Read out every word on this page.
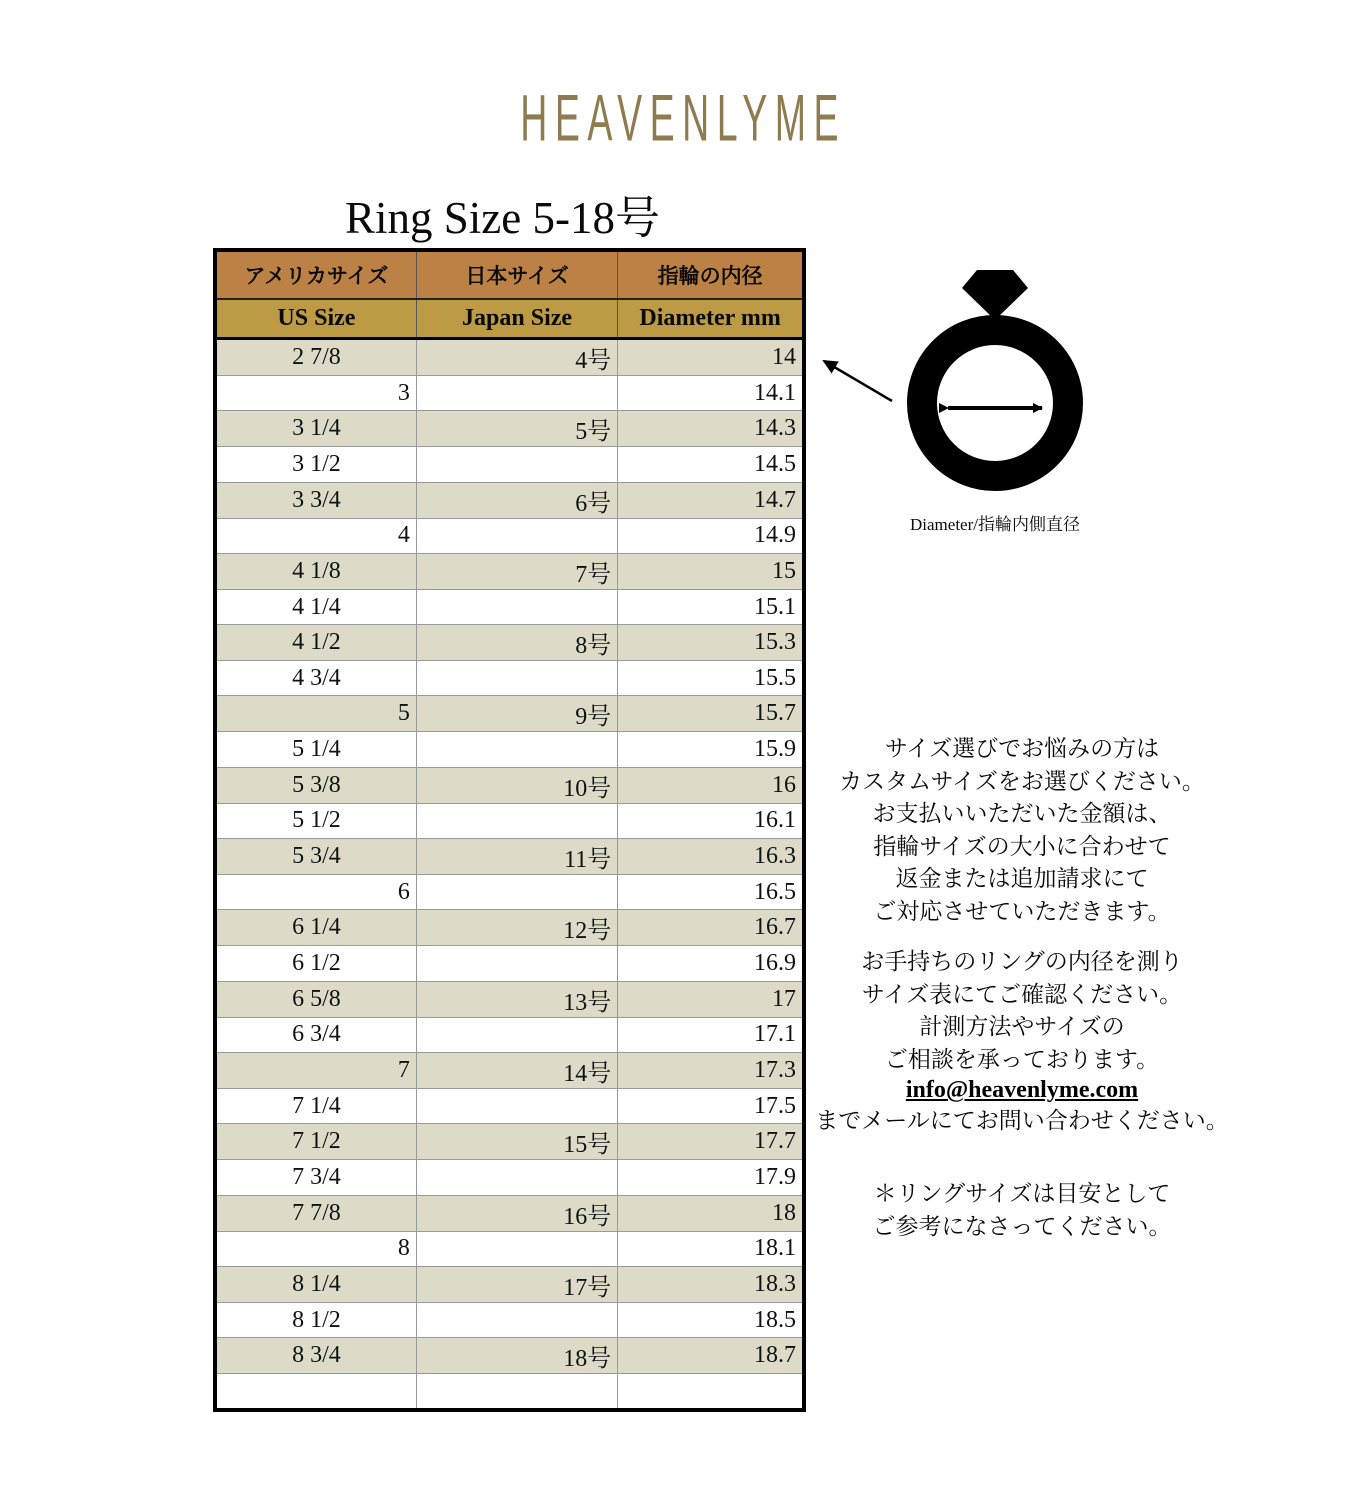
HEAVENLYME
Ring Size 5-18号
アメリカサイズ	日本サイズ	指輪の内径
US Size	Japan Size	Diameter mm
2 7/8	4号	14
3		14.1
3 1/4	5号	14.3
3 1/2		14.5
3 3/4	6号	14.7
4		14.9
4 1/8	7号	15
4 1/4		15.1
4 1/2	8号	15.3
4 3/4		15.5
5	9号	15.7
5 1/4		15.9
5 3/8	10号	16
5 1/2		16.1
5 3/4	11号	16.3
6		16.5
6 1/4	12号	16.7
6 1/2		16.9
6 5/8	13号	17
6 3/4		17.1
7	14号	17.3
7 1/4		17.5
7 1/2	15号	17.7
7 3/4		17.9
7 7/8	16号	18
8		18.1
8 1/4	17号	18.3
8 1/2		18.5
8 3/4	18号	18.7

Diameter/指輪内側直径
サイズ選びでお悩みの方は
カスタムサイズをお選びください。
お支払いいただいた金額は、
指輪サイズの大小に合わせて
返金または追加請求にて
ご対応させていただきます。
お手持ちのリングの内径を測り
サイズ表にてご確認ください。
計測方法やサイズの
ご相談を承っております。
info@heavenlyme.com
までメールにてお問い合わせください。
＊リングサイズは目安として
ご参考になさってください。
